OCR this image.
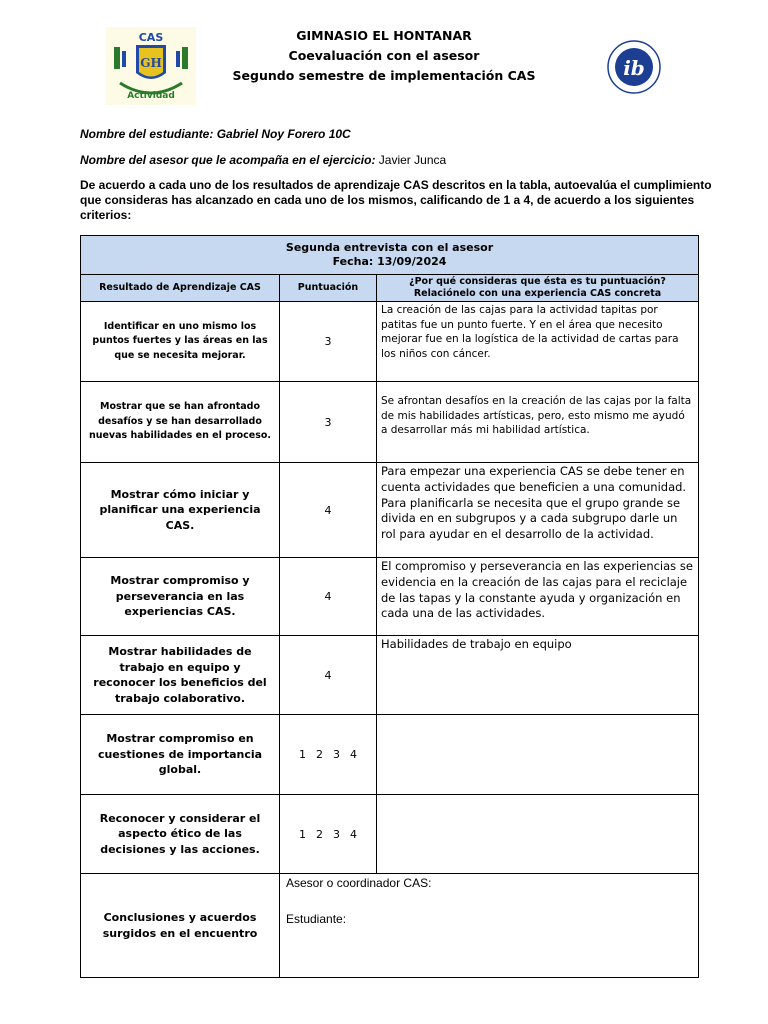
GIMNASIO EL HONTANAR
Coevaluación con el asesor
Segundo semestre de implementación CAS
CAS
GH
Actividad
ib
Nombre del estudiante: Gabriel Noy Forero 10C
Nombre del asesor que le acompaña en el ejercicio: Javier Junca
De acuerdo a cada uno de los resultados de aprendizaje CAS descritos en la tabla, autoevalúa el cumplimiento que consideras has alcanzado en cada uno de los mismos, calificando de 1 a 4, de acuerdo a los siguientes criterios:
Segunda entrevista con el asesor
Fecha: 13/09/2024		

Resultado de Aprendizaje CAS	Puntuación	¿Por qué consideras que ésta es tu puntuación?
Relaciónelo con una experiencia CAS concreta

Identificar en uno mismo los puntos fuertes y las áreas en las que se necesita mejorar.	3	La creación de las cajas para la actividad tapitas por patitas fue un punto fuerte. Y en el área que necesito mejorar fue en la logística de la actividad de cartas para los niños con cáncer.
Mostrar que se han afrontado desafíos y se han desarrollado nuevas habilidades en el proceso.	3	Se afrontan desafíos en la creación de las cajas por la falta de mis habilidades artísticas, pero, esto mismo me ayudó a desarrollar más mi habilidad artística.
Mostrar cómo iniciar y planificar una experiencia CAS.	4	Para empezar una experiencia CAS se debe tener en cuenta actividades que beneficien a una comunidad. Para planificarla se necesita que el grupo grande se divida en en subgrupos y a cada subgrupo darle un rol para ayudar en el desarrollo de la actividad.
Mostrar compromiso y perseverancia en las experiencias CAS.	4	El compromiso y perseverancia en las experiencias se evidencia en la creación de las cajas para el reciclaje de las tapas y la constante ayuda y organización en cada una de las actividades.
Mostrar habilidades de trabajo en equipo y reconocer los beneficios del trabajo colaborativo.	4	Habilidades de trabajo en equipo
Mostrar compromiso en cuestiones de importancia global.	1 2 3 4	
Reconocer y considerar el aspecto ético de las decisiones y las acciones.	1 2 3 4	
Conclusiones y acuerdos surgidos en el encuentro	Asesor o coordinador CAS:
Estudiante:	
